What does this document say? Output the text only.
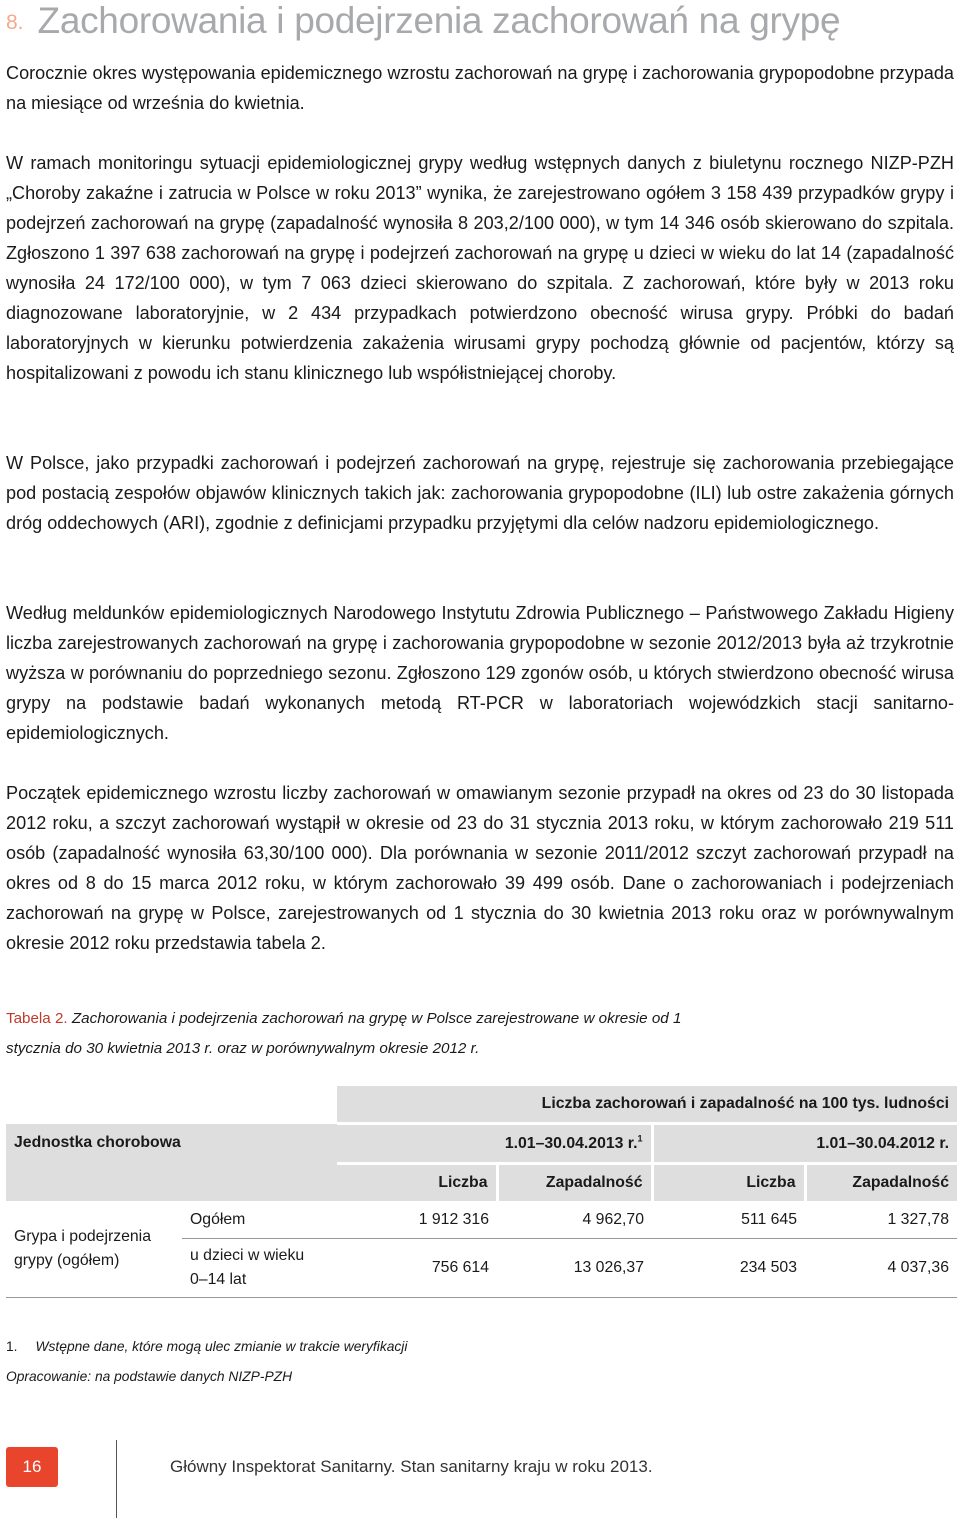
8. Zachorowania i podejrzenia zachorowań na grypę

Corocznie okres występowania epidemicznego wzrostu zachorowań na grypę i zachorowania grypopodobne przypada na miesiące od września do kwietnia.

W ramach monitoringu sytuacji epidemiologicznej grypy według wstępnych danych z biuletynu rocznego NIZP-PZH „Choroby zakaźne i zatrucia w Polsce w roku 2013” wynika, że zarejestrowano ogółem 3 158 439 przypadków grypy i podejrzeń zachorowań na grypę (zapadalność wynosiła 8 203,2/100 000), w tym 14 346 osób skierowano do szpitala. Zgłoszono 1 397 638 zachorowań na grypę i podejrzeń zachorowań na grypę u dzieci w wieku do lat 14 (zapadalność wynosiła 24 172/100 000), w tym 7 063 dzieci skierowano do szpitala. Z zachorowań, które były w 2013 roku diagnozowane laboratoryjnie, w 2 434 przypadkach potwierdzono obecność wirusa grypy. Próbki do badań laboratoryjnych w kierunku potwierdzenia zakażenia wirusami grypy pochodzą głównie od pacjentów, którzy są hospitalizowani z powodu ich stanu klinicznego lub współistniejącej choroby.

W Polsce, jako przypadki zachorowań i podejrzeń zachorowań na grypę, rejestruje się zachorowania przebiegające pod postacią zespołów objawów klinicznych takich jak: zachorowania grypopodobne (ILI) lub ostre zakażenia górnych dróg oddechowych (ARI), zgodnie z definicjami przypadku przyjętymi dla celów nadzoru epidemiologicznego.

Według meldunków epidemiologicznych Narodowego Instytutu Zdrowia Publicznego – Państwowego Zakładu Higieny liczba zarejestrowanych zachorowań na grypę i zachorowania grypopodobne w sezonie 2012/2013 była aż trzykrotnie wyższa w porównaniu do poprzedniego sezonu. Zgłoszono 129 zgonów osób, u których stwierdzono obecność wirusa grypy na podstawie badań wykonanych metodą RT-PCR w laboratoriach wojewódzkich stacji sanitarno-epidemiologicznych.

Początek epidemicznego wzrostu liczby zachorowań w omawianym sezonie przypadł na okres od 23 do 30 listopada 2012 roku, a szczyt zachorowań wystąpił w okresie od 23 do 31 stycznia 2013 roku, w którym zachorowało 219 511 osób (zapadalność wynosiła 63,30/100 000). Dla porównania w sezonie 2011/2012 szczyt zachorowań przypadł na okres od 8 do 15 marca 2012 roku, w którym zachorowało 39 499 osób. Dane o zachorowaniach i podejrzeniach zachorowań na grypę w Polsce, zarejestrowanych od 1 stycznia do 30 kwietnia 2013 roku oraz w porównywalnym okresie 2012 roku przedstawia tabela 2.

Tabela 2. Zachorowania i podejrzenia zachorowań na grypę w Polsce zarejestrowane w okresie od 1 stycznia do 30 kwietnia 2013 r. oraz w porównywalnym okresie 2012 r.
		Liczba zachorowań i zapadalność na 100 tys. ludności			
Jednostka chorobowa		1.01–30.04.2013 r.$^1$		1.01–30.04.2012 r.	
		Liczba	Zapadalność	Liczba	Zapadalność
Grypa i podejrzenia grypy (ogółem)	Ogółem	1 912 316	4 962,70	511 645	1 327,78
	u dzieci w wieku 0–14 lat	756 614	13 026,37	234 503	4 037,36
1. Wstępne dane, które mogą ulec zmianie w trakcie weryfikacji
Opracowanie: na podstawie danych NIZP-PZH
16	Główny Inspektorat Sanitarny. Stan sanitarny kraju w roku 2013.
